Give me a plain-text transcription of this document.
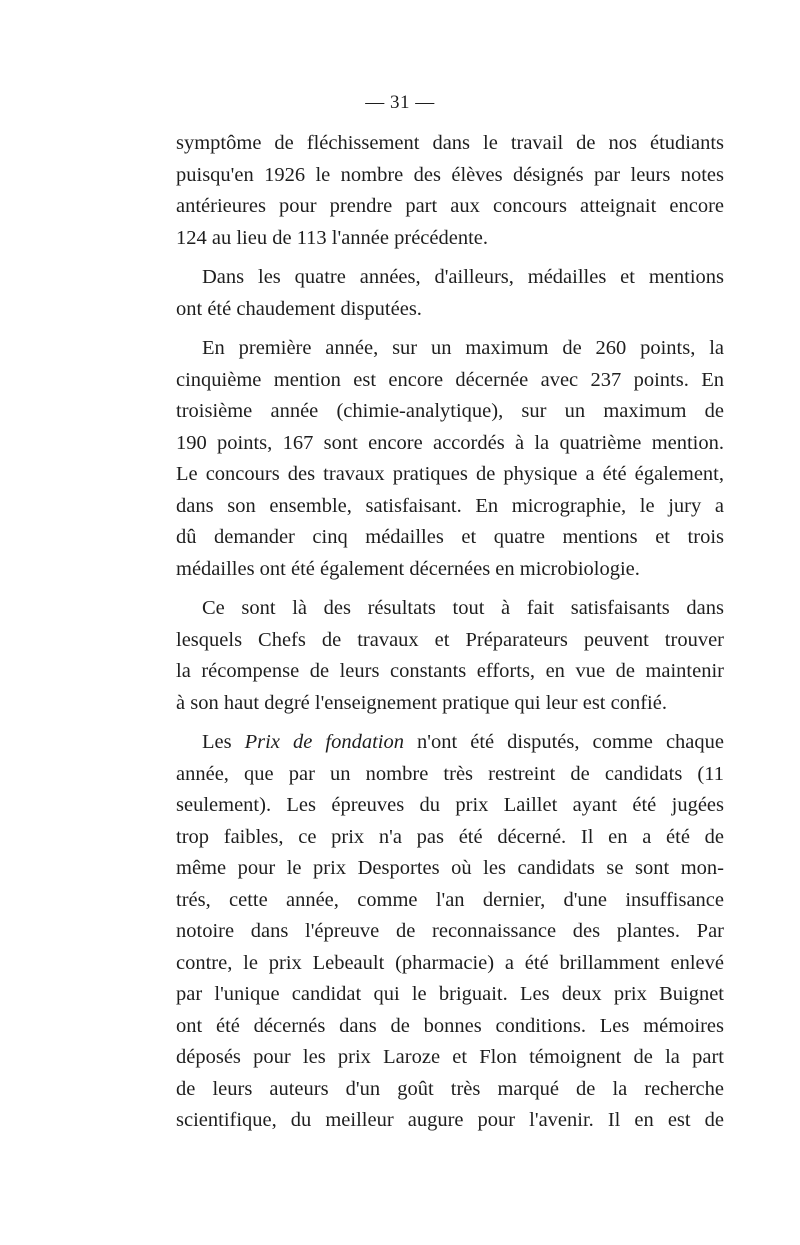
— 31 —
symptôme de fléchissement dans le travail de nos étudiants
puisqu'en 1926 le nombre des élèves désignés par leurs notes
antérieures pour prendre part aux concours atteignait encore
124 au lieu de 113 l'année précédente.
Dans les quatre années, d'ailleurs, médailles et mentions
ont été chaudement disputées.
En première année, sur un maximum de 260 points, la
cinquième mention est encore décernée avec 237 points. En
troisième année (chimie-analytique), sur un maximum de
190 points, 167 sont encore accordés à la quatrième mention.
Le concours des travaux pratiques de physique a été également,
dans son ensemble, satisfaisant. En micrographie, le jury a
dû demander cinq médailles et quatre mentions et trois
médailles ont été également décernées en microbiologie.
Ce sont là des résultats tout à fait satisfaisants dans
lesquels Chefs de travaux et Préparateurs peuvent trouver
la récompense de leurs constants efforts, en vue de maintenir
à son haut degré l'enseignement pratique qui leur est confié.
Les Prix de fondation n'ont été disputés, comme chaque
année, que par un nombre très restreint de candidats (11
seulement). Les épreuves du prix Laillet ayant été jugées
trop faibles, ce prix n'a pas été décerné. Il en a été de
même pour le prix Desportes où les candidats se sont mon-
trés, cette année, comme l'an dernier, d'une insuffisance
notoire dans l'épreuve de reconnaissance des plantes. Par
contre, le prix Lebeault (pharmacie) a été brillamment enlevé
par l'unique candidat qui le briguait. Les deux prix Buignet
ont été décernés dans de bonnes conditions. Les mémoires
déposés pour les prix Laroze et Flon témoignent de la part
de leurs auteurs d'un goût très marqué de la recherche
scientifique, du meilleur augure pour l'avenir. Il en est de
